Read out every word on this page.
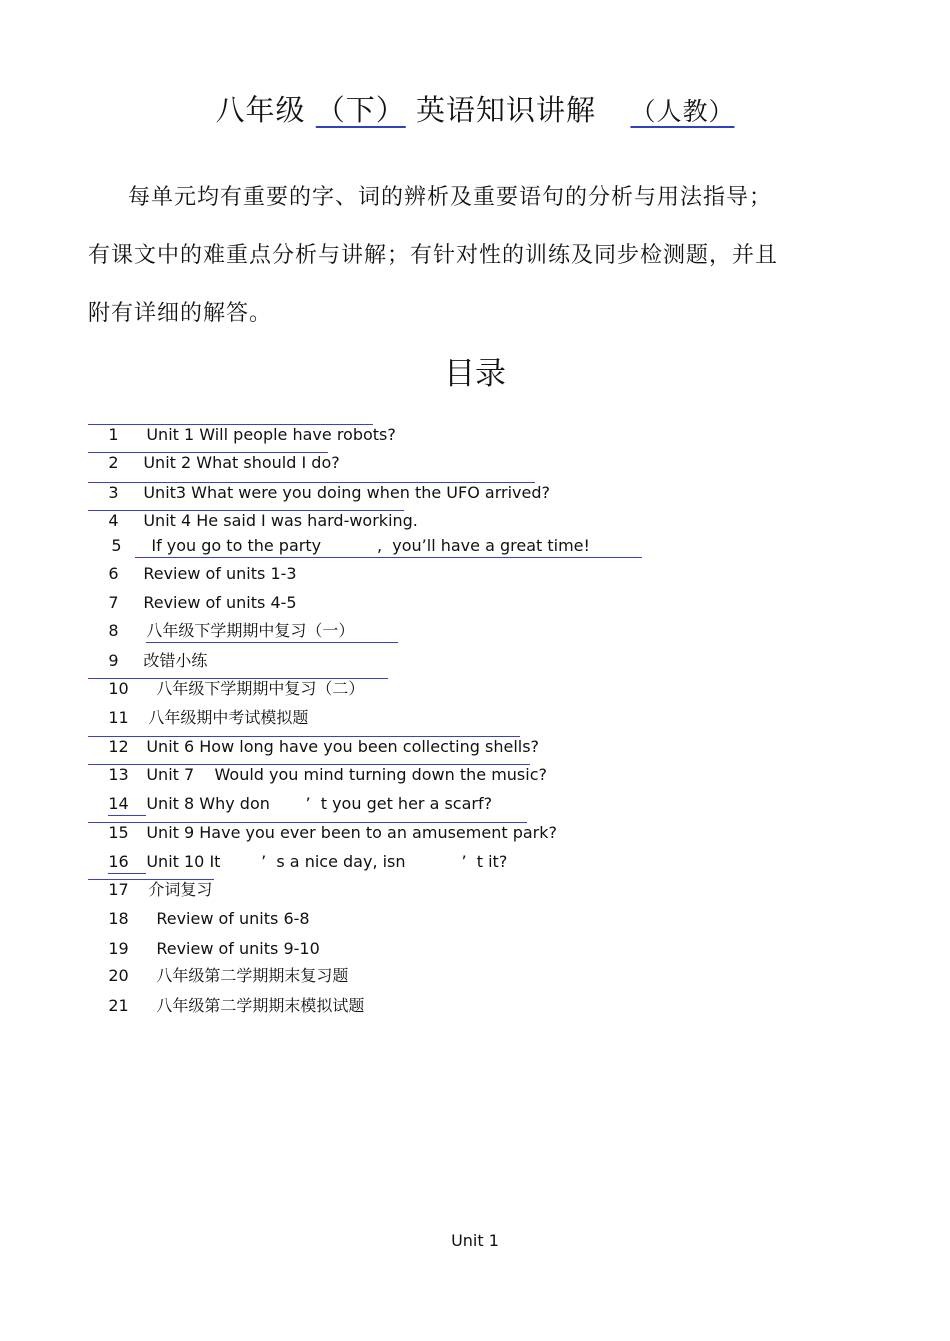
八年级 （下） 英语知识讲解 （人教）

每单元均有重要的字、词的辨析及重要语句的分析与用法指导；

有课文中的难重点分析与讲解；有针对性的训练及同步检测题，并且

附有详细的解答。

目录

1 Unit 1 Will people have robots?

2 Unit 2 What should I do?

3 Unit3 What were you doing when the UFO arrived?

4 Unit 4 He said I was hard-working.

5 If you go to the party           ,  you’ll have a great time!

6 Review of units 1-3

7 Review of units 4-5

8 八年级下学期期中复习（一）

9 改错小练

10 八年级下学期期中复习（二）

11 八年级期中考试模拟题

12 Unit 6 How long have you been collecting shells?

13 Unit 7    Would you mind turning down the music?

14 Unit 8 Why don       ’  t you get her a scarf?

15 Unit 9 Have you ever been to an amusement park?

16 Unit 10 It        ’  s a nice day, isn           ’  t it?

17 介词复习

18 Review of units 6-8

19 Review of units 9-10

20 八年级第二学期期末复习题

21 八年级第二学期期末模拟试题

Unit 1
